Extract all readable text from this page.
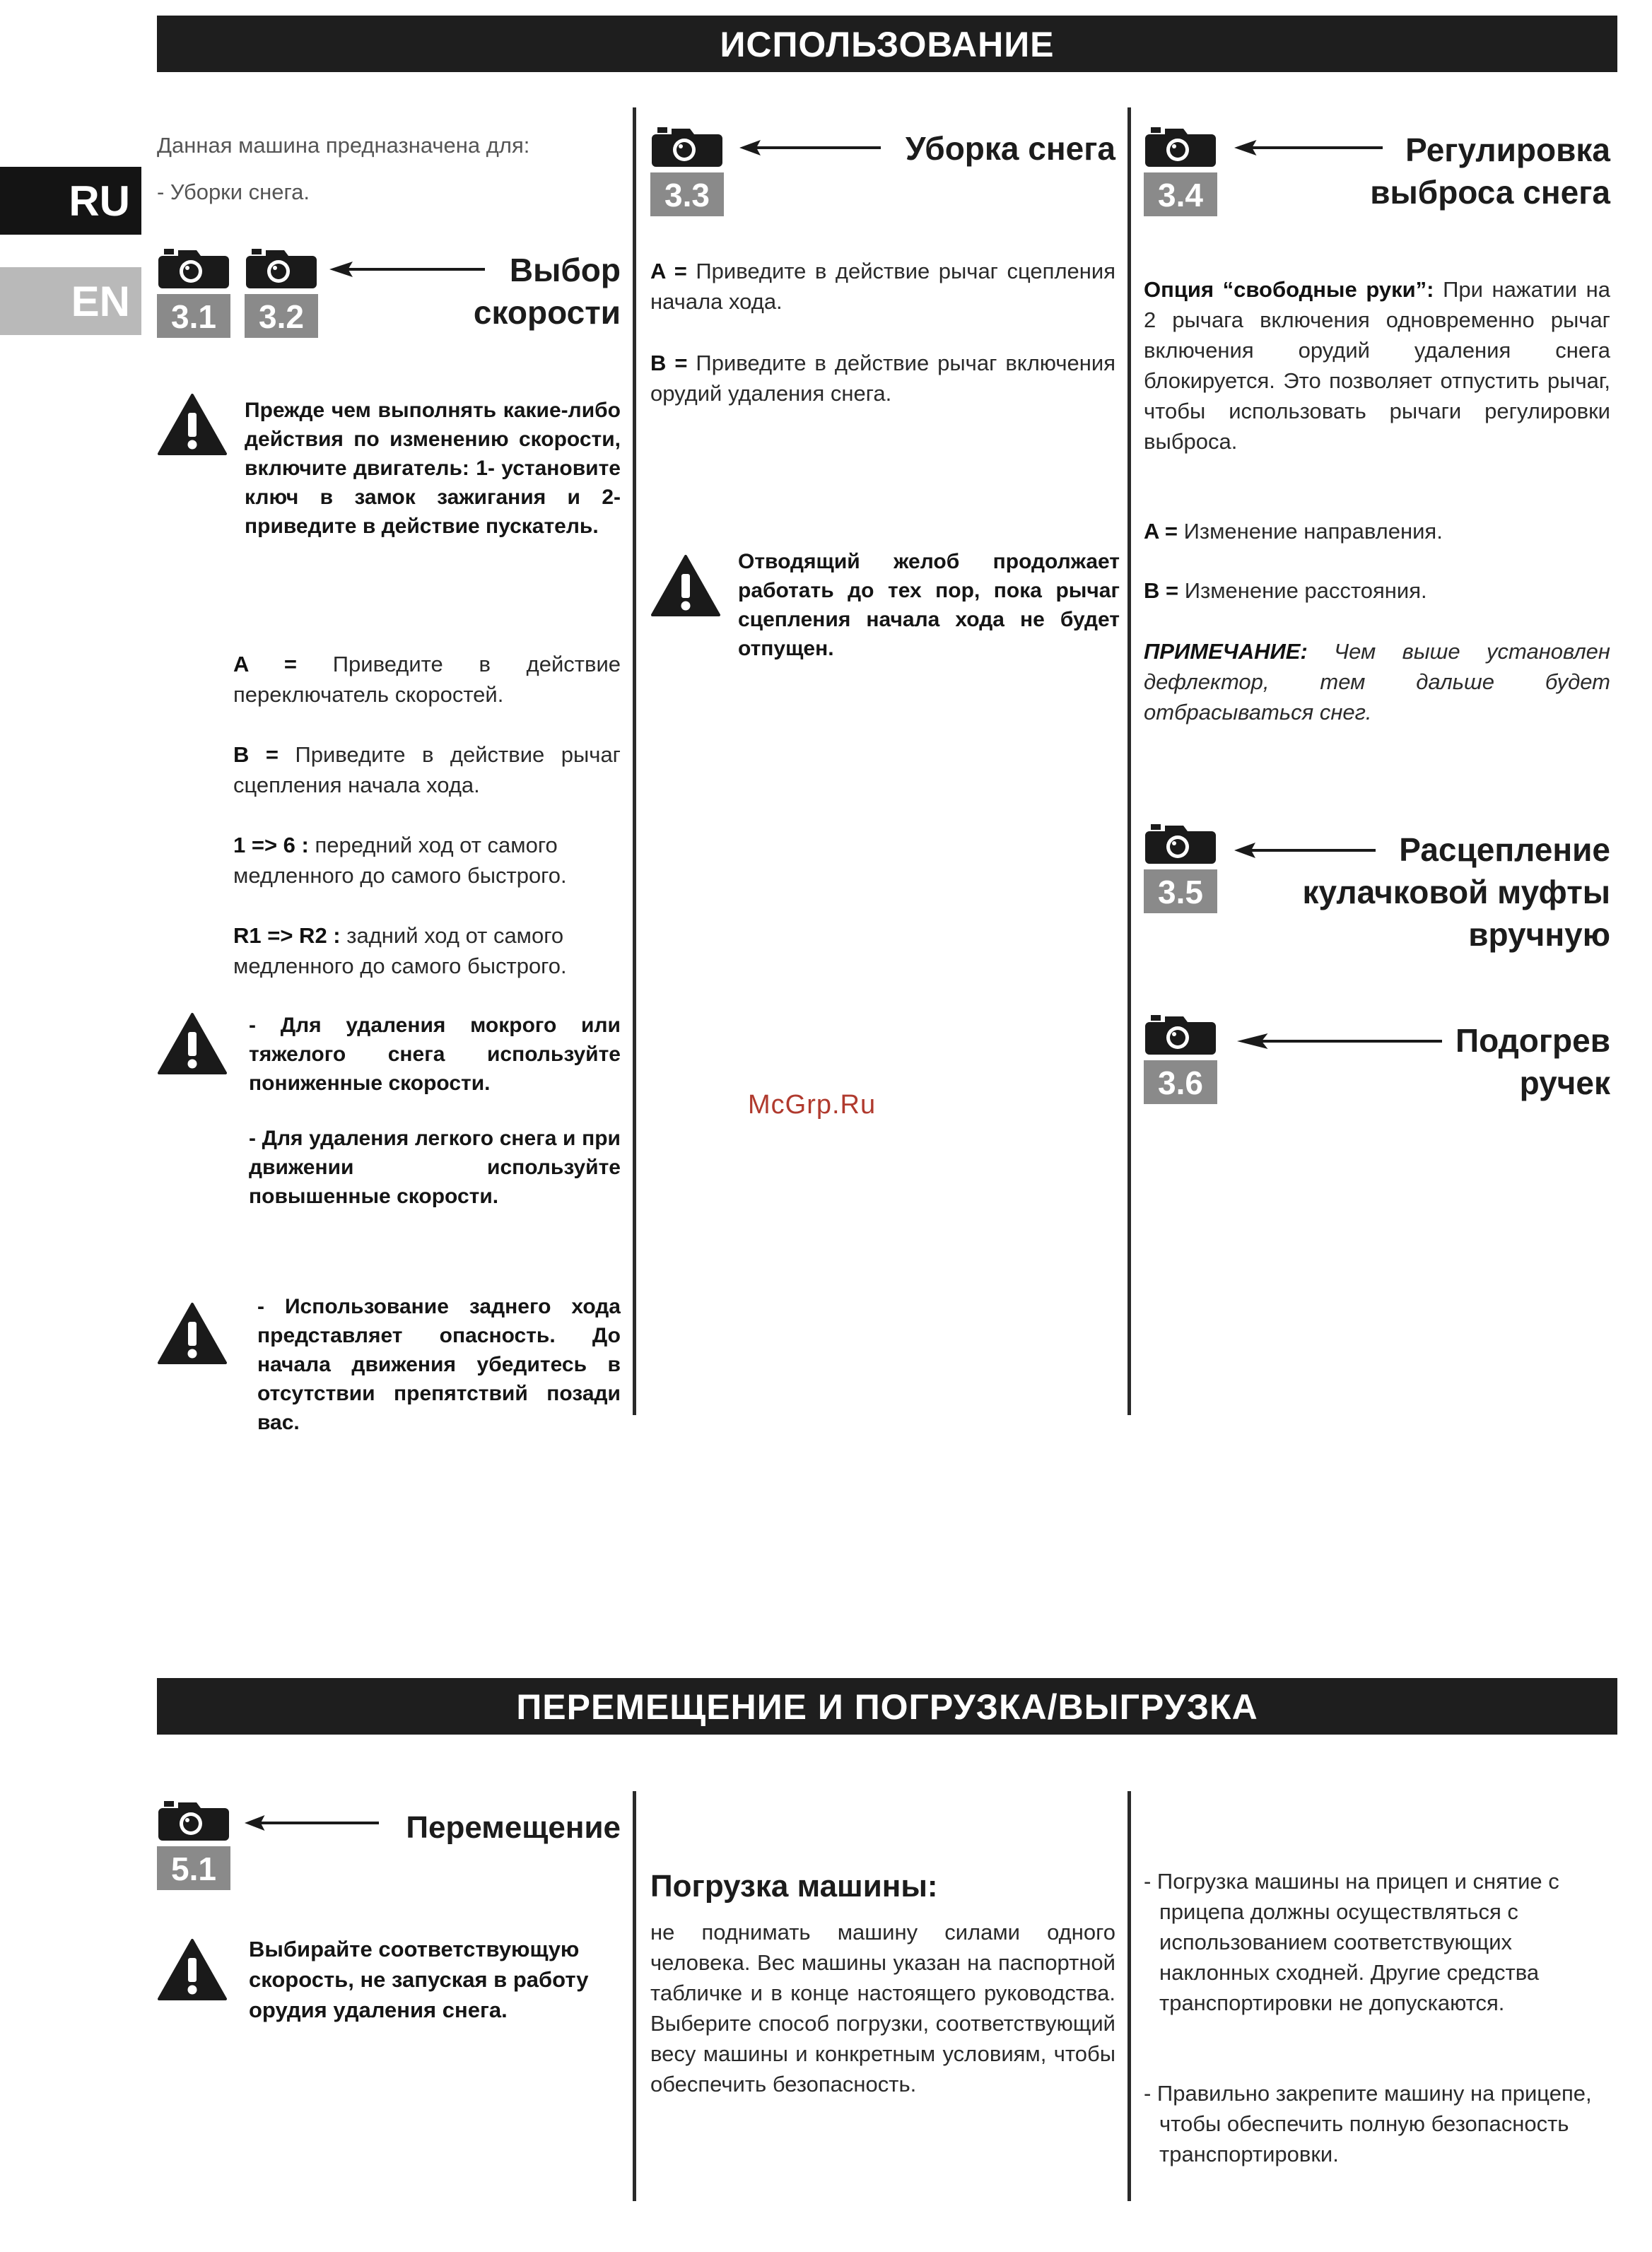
RU
EN
ИСПОЛЬЗОВАНИЕ
Данная машина предназначена для:
- Уборки снега.
3.1	3.2
Выбор скорости
Прежде чем выполнять какие-либо действия по изменению скорости, включите двигатель: 1- установите ключ в замок зажигания и 2- приведите в действие пускатель.
A = Приведите в действие переключатель скоростей.
B = Приведите в действие рычаг сцепления начала хода.
1 => 6 : передний ход от самого медленного до самого быстрого.
R1 => R2 : задний ход от самого медленного до самого быстрого.
- Для удаления мокрого или тяжелого снега используйте пониженные скорости.
- Для удаления легкого снега и при движении используйте повышенные скорости.
- Использование заднего хода представляет опасность. До начала движения убедитесь в отсутствии препятствий позади вас.
3.3
Уборка снега
A = Приведите в действие рычаг сцепления начала хода.
B = Приведите в действие рычаг включения орудий удаления снега.
Отводящий желоб продолжает работать до тех пор, пока рычаг сцепления начала хода не будет отпущен.
3.4
Регулировка выброса снега
Опция “свободные руки”: При нажатии на 2 рычага включения одновременно рычаг включения орудий удаления снега блокируется. Это позволяет отпустить рычаг, чтобы использовать рычаги регулировки выброса.
A = Изменение направления.
B = Изменение расстояния.
ПРИМЕЧАНИЕ: Чем выше установлен дефлектор, тем дальше будет отбрасываться снег.
3.5
Расцепление кулачковой муфты вручную
3.6
Подогрев ручек
McGrp.Ru
ПЕРЕМЕЩЕНИЕ И ПОГРУЗКА/ВЫГРУЗКА
5.1
Перемещение
Выбирайте соответствующую скорость, не запуская в работу орудия удаления снега.
Погрузка машины:
не поднимать машину силами одного человека. Вес машины указан на паспортной табличке и в конце настоящего руководства. Выберите способ погрузки, соответствующий весу машины и конкретным условиям, чтобы обеспечить безопасность.
- Погрузка машины на прицеп и снятие с прицепа должны осуществляться с использованием соответствующих наклонных сходней. Другие средства транспортировки не допускаются.
- Правильно закрепите машину на прицепе, чтобы обеспечить полную безопасность транспортировки.
